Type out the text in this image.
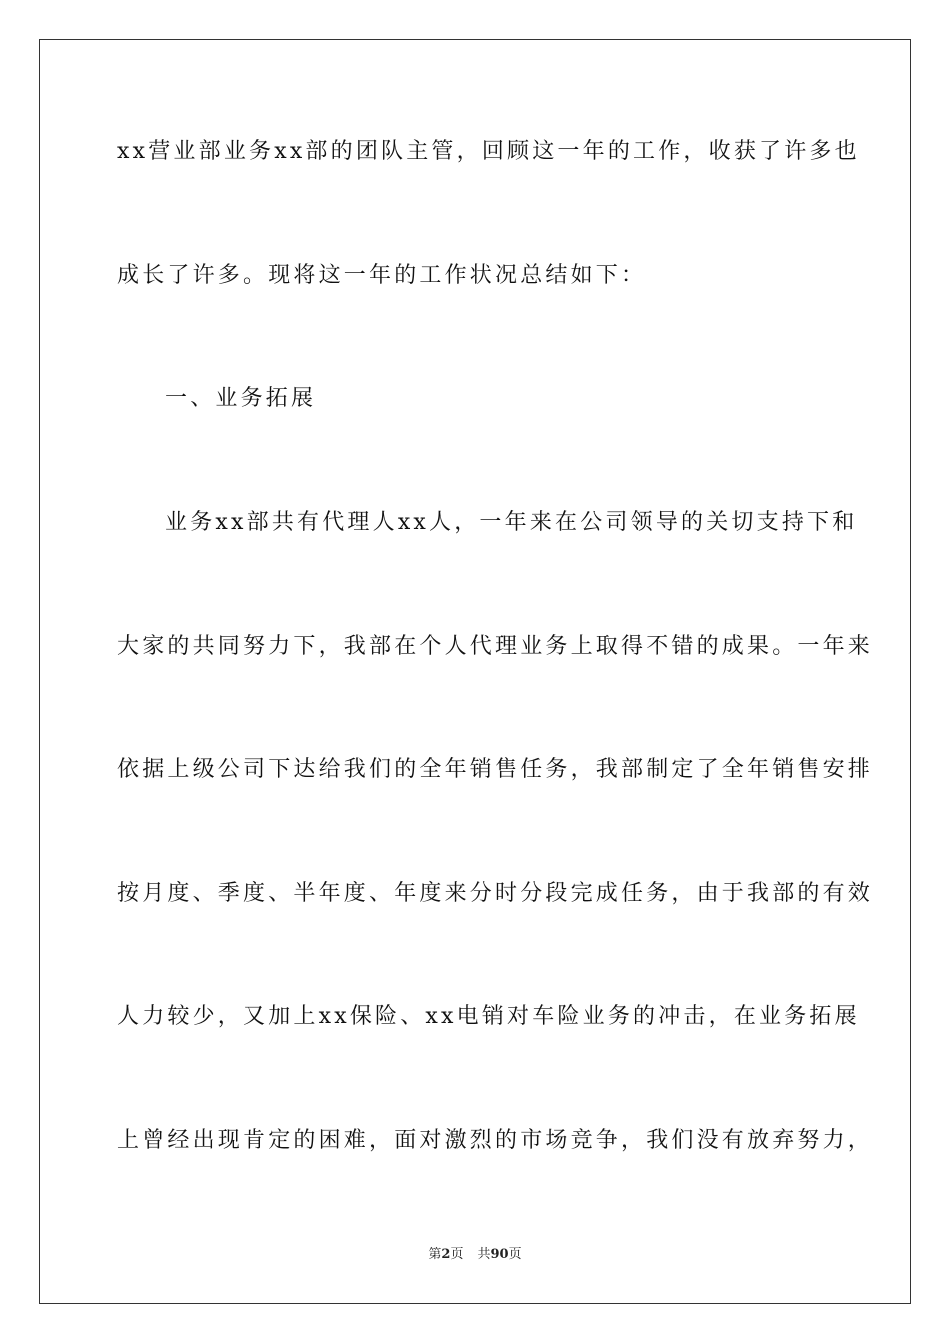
xx营业部业务xx部的团队主管，回顾这一年的工作，收获了许多也
成长了许多。现将这一年的工作状况总结如下：
一、业务拓展
业务xx部共有代理人xx人，一年来在公司领导的关切支持下和
大家的共同努力下，我部在个人代理业务上取得不错的成果。一年来
依据上级公司下达给我们的全年销售任务，我部制定了全年销售安排
按月度、季度、半年度、年度来分时分段完成任务，由于我部的有效
人力较少，又加上xx保险、xx电销对车险业务的冲击，在业务拓展
上曾经出现肯定的困难，面对激烈的市场竞争，我们没有放弃努力，
第2页 共90页
